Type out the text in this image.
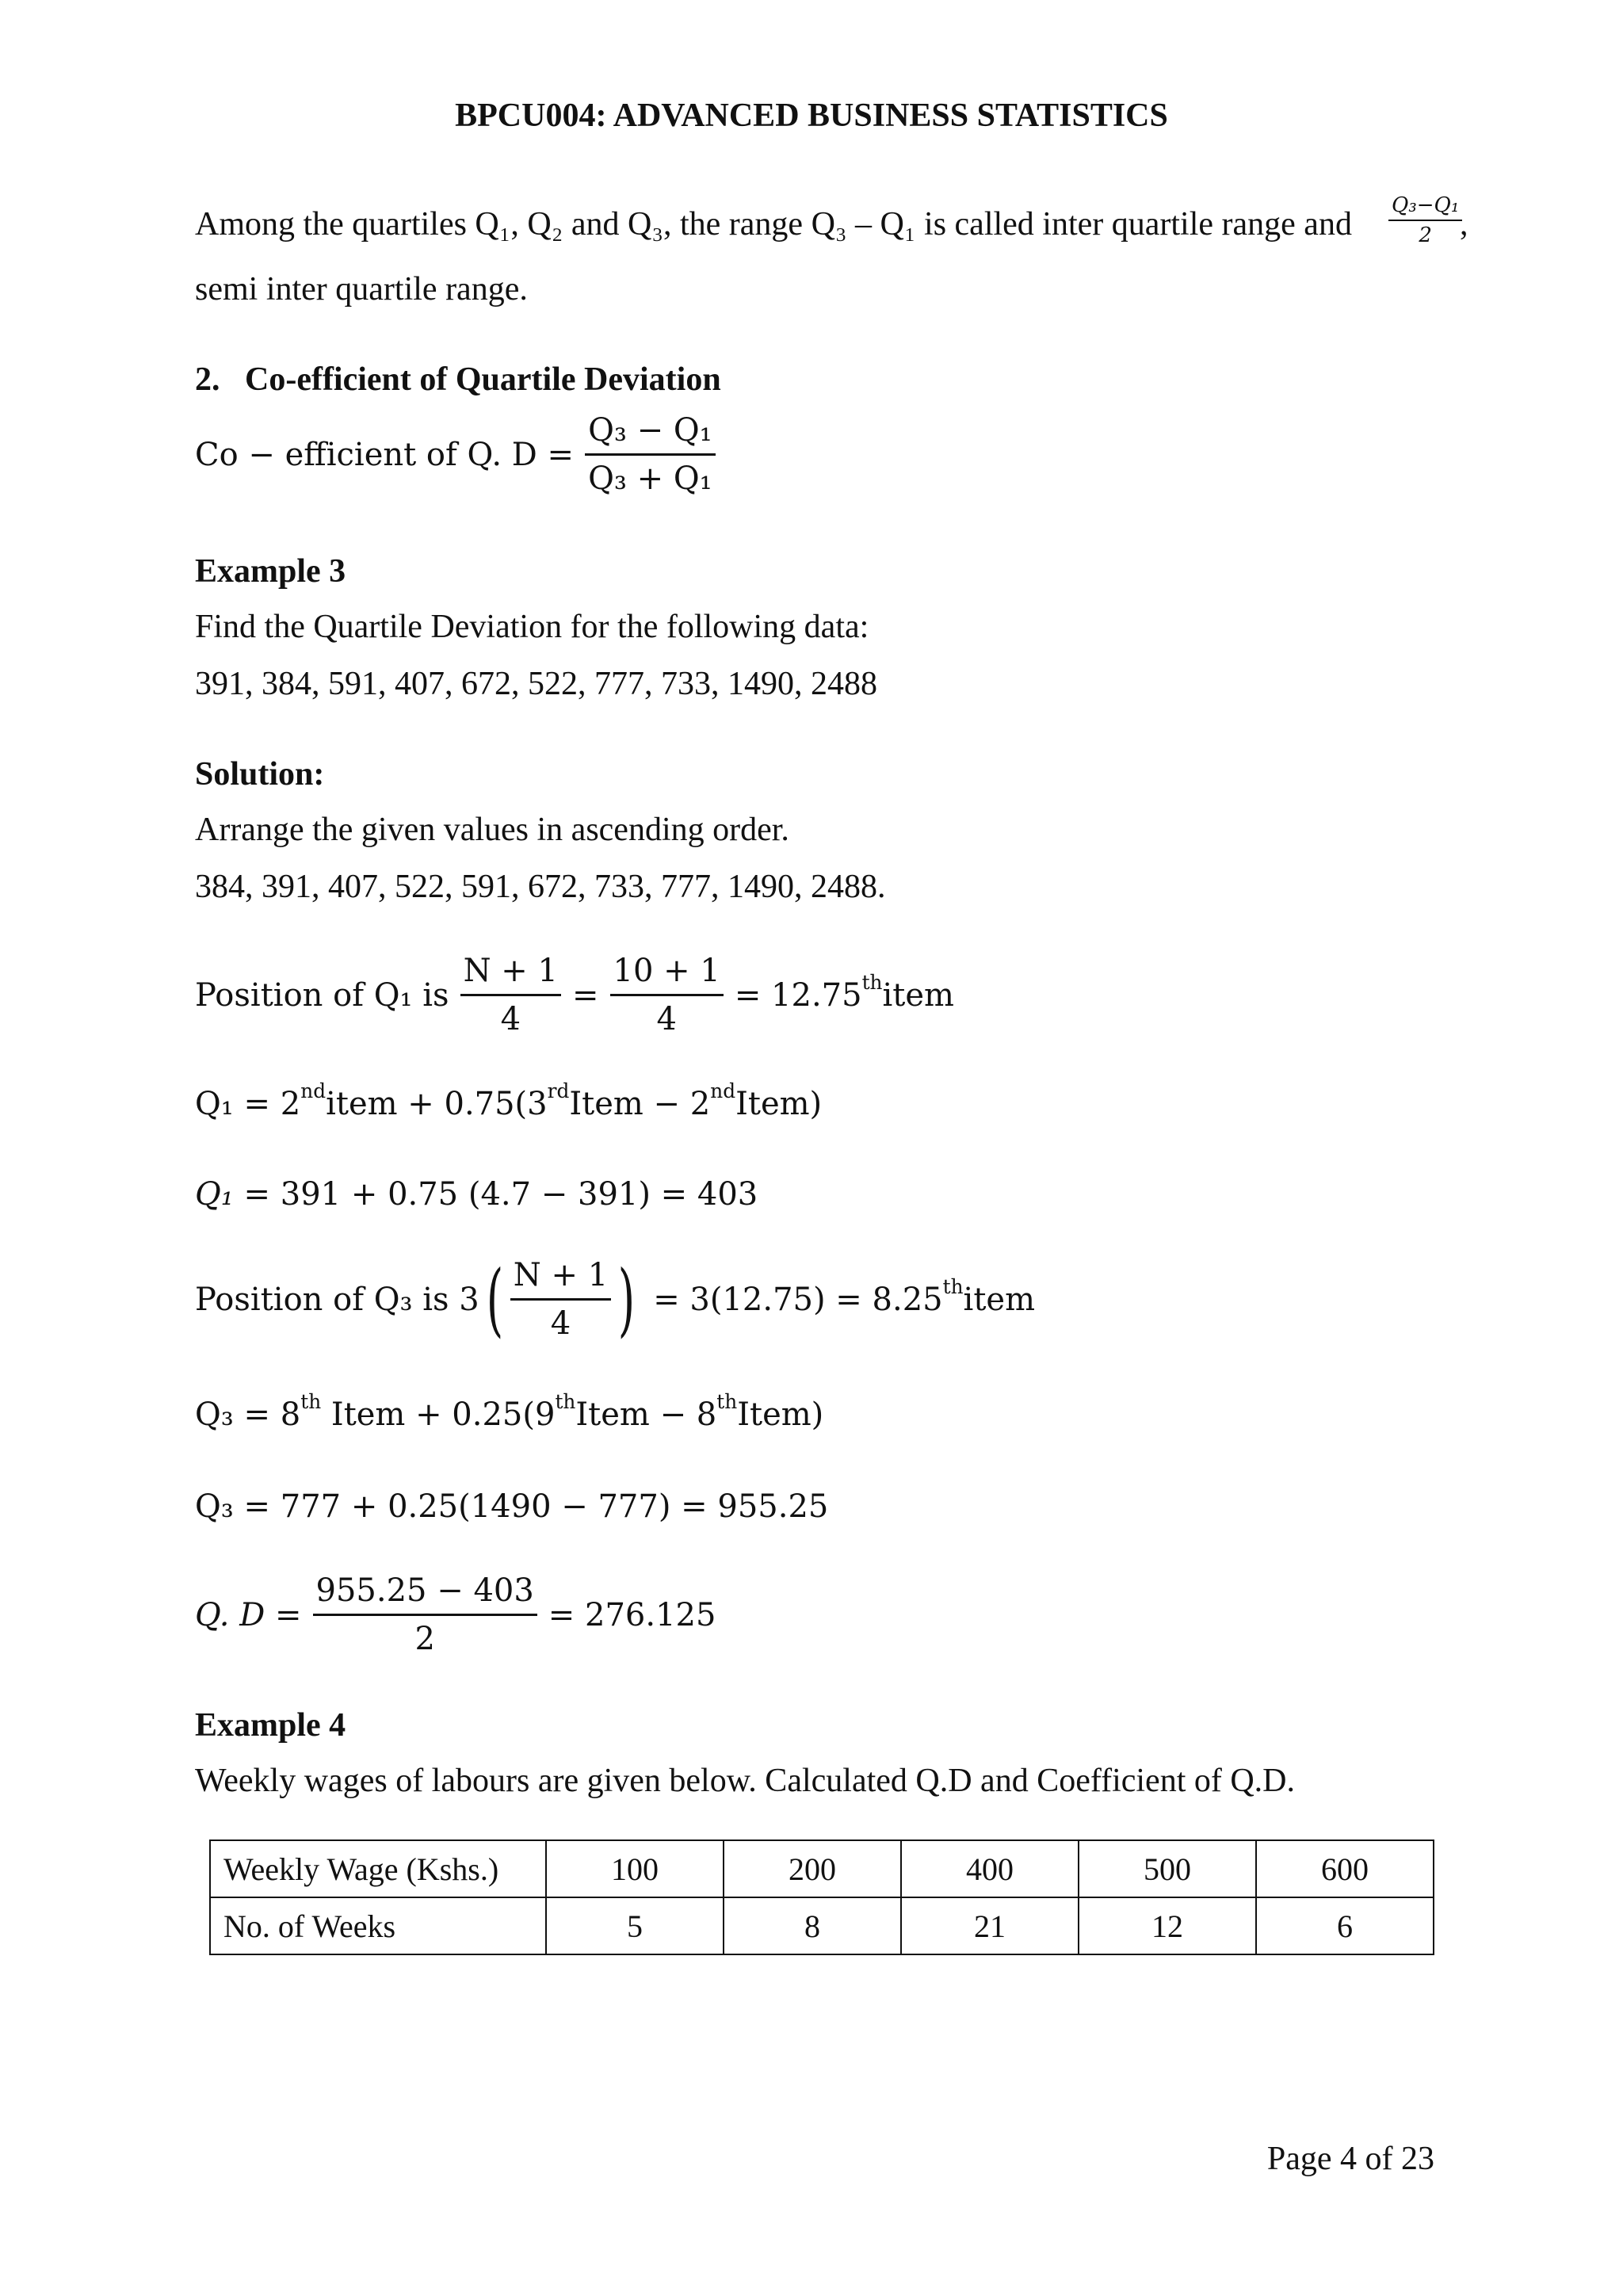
BPCU004: ADVANCED BUSINESS STATISTICS
Among the quartiles Q₁, Q₂ and Q₃, the range Q₃ – Q₁ is called inter quartile range and $\frac{\text{Q₃−Q₁}}{2}$
,
semi inter quartile range.
2.   Co-efficient of Quartile Deviation
Co − efficient of Q. $D = \frac{\text{Q₃ − Q₁}}{\text{Q₃ + Q₁}}$
Example 3
Find the Quartile Deviation for the following data:
391, 384, 591, 407, 672, 522, 777, 733, 1490, 2488
Solution:
Arrange the given values in ascending order.
384, 391, 407, 522, 591, 672, 733, 777, 1490, 2488.
Position of Q₁ is $\frac{N + 1}{4} = \frac{10 + 1}{4}$ = 12.75thitem
Q₁ = 2nditem + 0.75(3rdItem − 2ndItem)
Q₁ = 391 + 0.75 (4.7 − 391) = 403
Position of Q₃ is 3 ( $\frac{N + 1}{4}$ ) = 3(12.75) = 8.25thitem
Q₃ = 8th Item + 0.25(9thItem − 8thItem)
Q₃ = 777 + 0.25(1490 − 777) = 955.25
Q. $D = \frac{955.25 - 403}{2} = 276.125$
Example 4
Weekly wages of labours are given below. Calculated Q.D and Coefficient of Q.D.
Weekly Wage (Kshs.)	100	200	400	500	600
No. of Weeks	5	8	21	12	6
Page 4 of 23
